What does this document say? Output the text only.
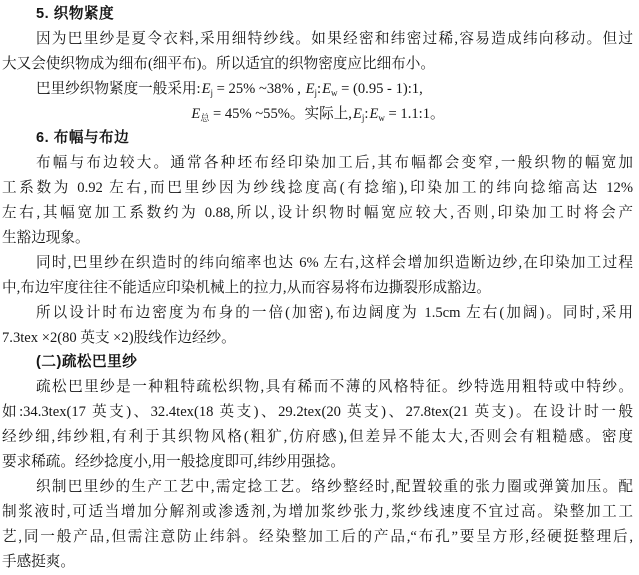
5. 织物紧度
因为巴里纱是夏令衣料,采用细特纱线。如果经密和纬密过稀,容易造成纬向移动。但过
大又会使织物成为细布(细平布)。所以适宜的织物密度应比细布小。
巴里纱织物紧度一般采用$:E_j = 25\%$ ~38% , $E_j:E_w = (0.95$ - 1):1,
$E_总 = 45\%$ ~55%。实际上$,E_j:E_w$ = 1.1:1。
6. 布幅与布边
布幅与布边较大。通常各种坯布经印染加工后,其布幅都会变窄,一般织物的幅宽加
工系数为 0.92 左右,而巴里纱因为纱线捻度高(有捻缩),印染加工的纬向捻缩高达 12%
左右,其幅宽加工系数约为 0.88,所以,设计织物时幅宽应较大,否则,印染加工时将会产
生豁边现象。
同时,巴里纱在织造时的纬向缩率也达 6% 左右,这样会增加织造断边纱,在印染加工过程
中,布边牢度往往不能适应印染机械上的拉力,从而容易将布边撕裂形成豁边。
所以设计时布边密度为布身的一倍(加密),布边阔度为 1.5cm 左右(加阔)。同时,采用
7.3tex ×2(80 英支 ×2)股线作边经纱。
(二)疏松巴里纱
疏松巴里纱是一种粗特疏松织物,具有稀而不薄的风格特征。纱特选用粗特或中特纱。
如:34.3tex(17 英支)、32.4tex(18 英支)、29.2tex(20 英支)、27.8tex(21 英支)。在设计时一般
经纱细,纬纱粗,有利于其织物风格(粗犷,仿府感),但差异不能太大,否则会有粗糙感。密度
要求稀疏。经纱捻度小,用一般捻度即可,纬纱用强捻。
织制巴里纱的生产工艺中,需定捻工艺。络纱整经时,配置较重的张力圈或弹簧加压。配
制浆液时,可适当增加分解剂或渗透剂,为增加浆纱张力,浆纱线速度不宜过高。染整加工工
艺,同一般产品,但需注意防止纬斜。经染整加工后的产品,“布孔”要呈方形,经硬挺整理后,
手感挺爽。
